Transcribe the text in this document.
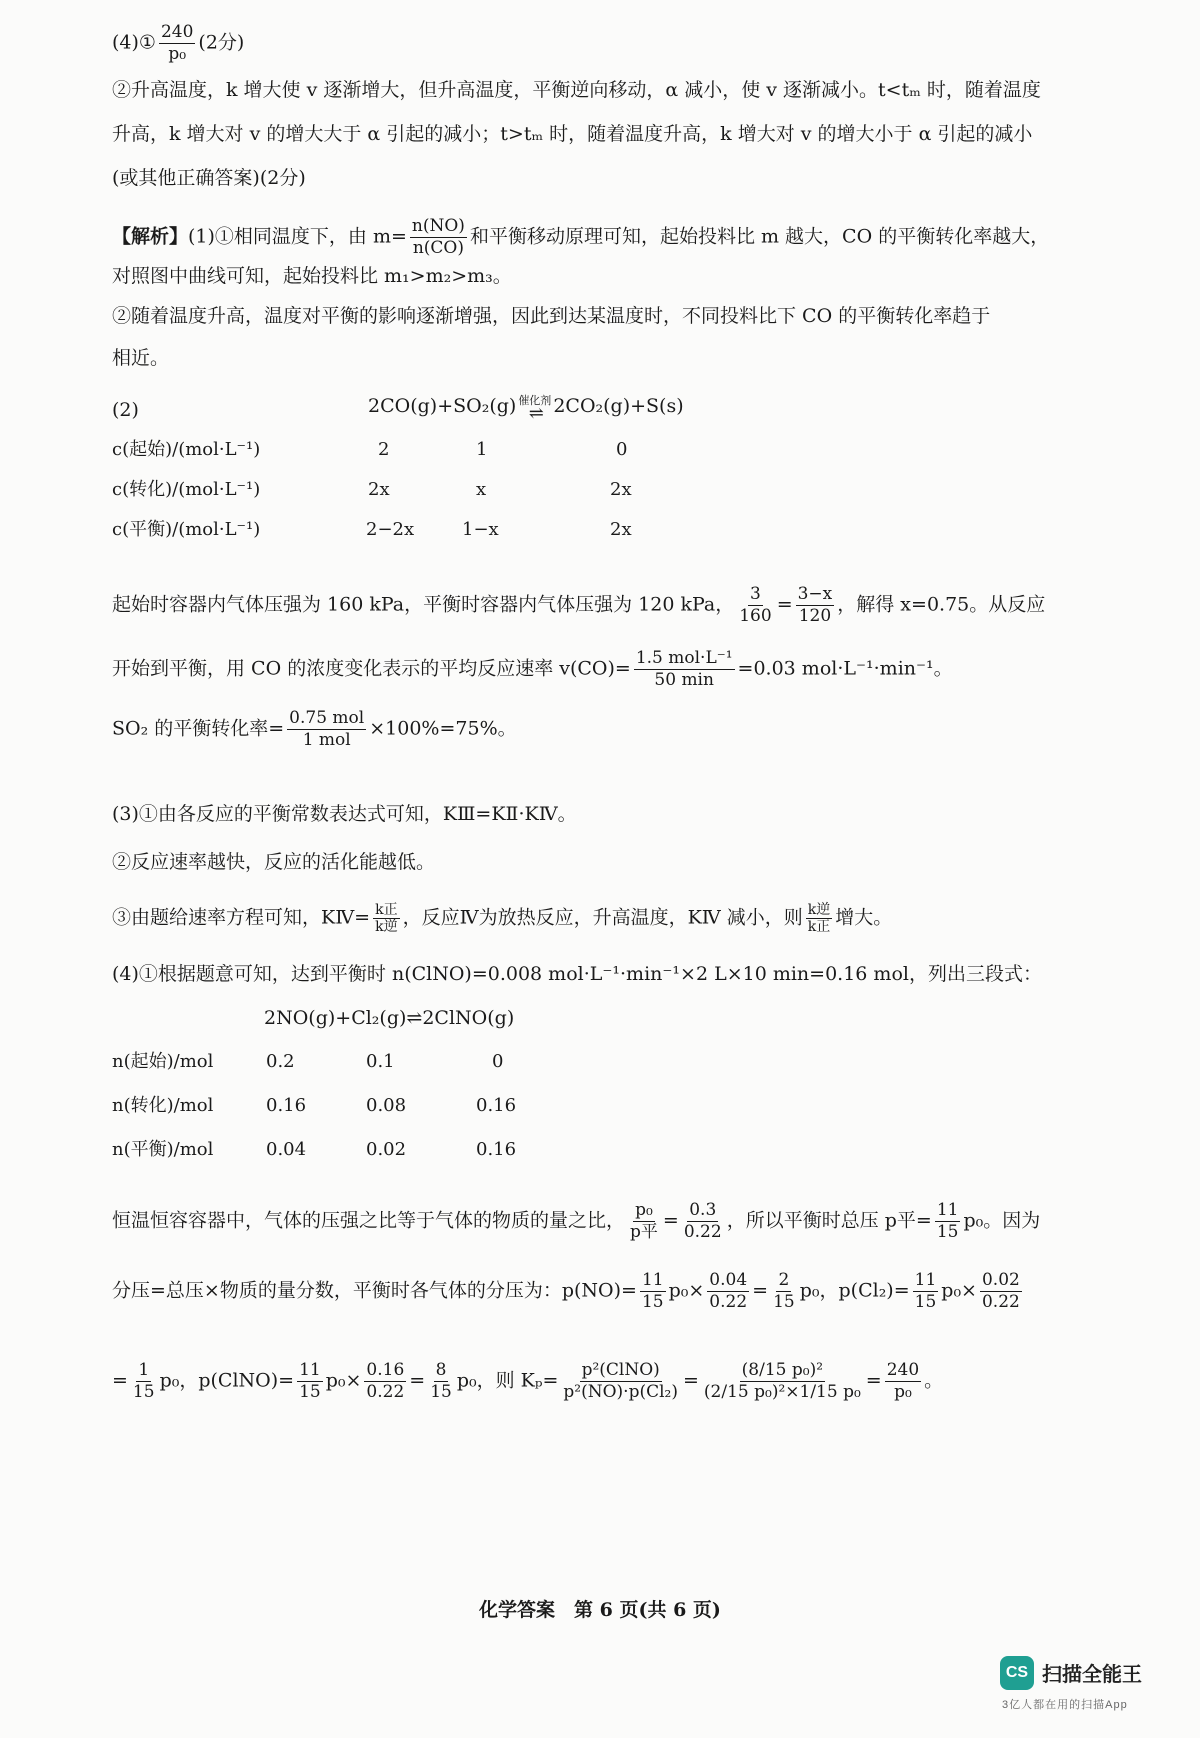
(4)① $\frac{240}{\text{p₀}} (2$分)
②升高温度，k 增大使 v 逐渐增大，但升高温度，平衡逆向移动，α 减小，使 v 逐渐减小。t<tₘ 时，随着温度
升高，k 增大对 v 的增大大于 α 引起的减小；t>tₘ 时，随着温度升高，k 增大对 v 的增大小于 α 引起的减小
(或其他正确答案)(2分)
【解析】(1)①相同温度下，由 $m= \frac{n(NO)}{n(CO)}$ 和平衡移动原理可知，起始投料比 m 越大，CO 的平衡转化率越大，
对照图中曲线可知，起始投料比 m₁>m₂>m₃。
②随着温度升高，温度对平衡的影响逐渐增强，因此到达某温度时，不同投料比下 CO 的平衡转化率趋于
相近。
(2)	2CO(g)+SO₂(g) 催化剂
⇌ 2CO₂(g)+S(s)
c(起始)/(mol·L⁻¹)	2	1	0
c(转化)/(mol·L⁻¹)	2x	x	2x
c(平衡)/(mol·L⁻¹)	2−2x	1−x	2x
起始时容器内气体压强为 160 kPa，平衡时容器内气体压强为 120 kPa， $\frac{3}{160} = \frac{3-x}{120}$ ，解得 x=0.75。从反应
开始到平衡，用 CO 的浓度变化表示的平均反应速率 $v(CO)= \frac{\text{1.5 mol·L⁻¹}}{50 \min} =0.03$ mol·L⁻¹·min⁻¹。
SO₂ 的平衡转化率= $\frac{\text{0.75 mol}}{\text{1 mol}} \times 100\%=75\%$。
(3)①由各反应的平衡常数表达式可知，KⅢ=KⅡ·KⅣ。
②反应速率越快，反应的活化能越低。
③由题给速率方程可知，KⅣ= $\frac{\text{k正}}{\text{k逆}}$ ，反应Ⅳ为放热反应，升高温度，KⅣ 减小，则 $\frac{\text{k逆}}{\text{k正}}$ 增大。
(4)①根据题意可知，达到平衡时 n(ClNO)=0.008 mol·L⁻¹·min⁻¹×2 L×10 min=0.16 mol，列出三段式：
2NO(g)+Cl₂(g)⇌2ClNO(g)
n(起始)/mol	0.2	0.1	0
n(转化)/mol	0.16	0.08	0.16
n(平衡)/mol	0.04	0.02	0.16
恒温恒容容器中，气体的压强之比等于气体的物质的量之比， $\frac{\text{p₀}}{\text{p平}} = \frac{0.3}{0.22}$ ，所以平衡时总压 p平= $\frac{11}{15} p_0$。因为
分压=总压×物质的量分数，平衡时各气体的分压为：$p(NO)= \frac{11}{15} p_0\times \frac{0.04}{0.22} = \frac{2}{15} p_0$，$p(Cl_2)= \frac{11}{15} p_0\times \frac{0.02}{0.22}$
= $\frac{1}{15} p_0$，p(ClNO)= $\frac{11}{15} p_0\times \frac{0.16}{0.22} = \frac{8}{15} p_0$，则 $K_p= \frac{\text{p²(ClNO)}}{\text{p²(NO)·p(Cl₂)}} = \frac{\text{(8/15 p₀)²}}{\text{(2/15 p₀)²×1/15 p₀}} = \frac{240}{\text{p₀}}$ 。
化学答案　第 6 页(共 6 页)
CS 扫描全能王
3亿人都在用的扫描App
